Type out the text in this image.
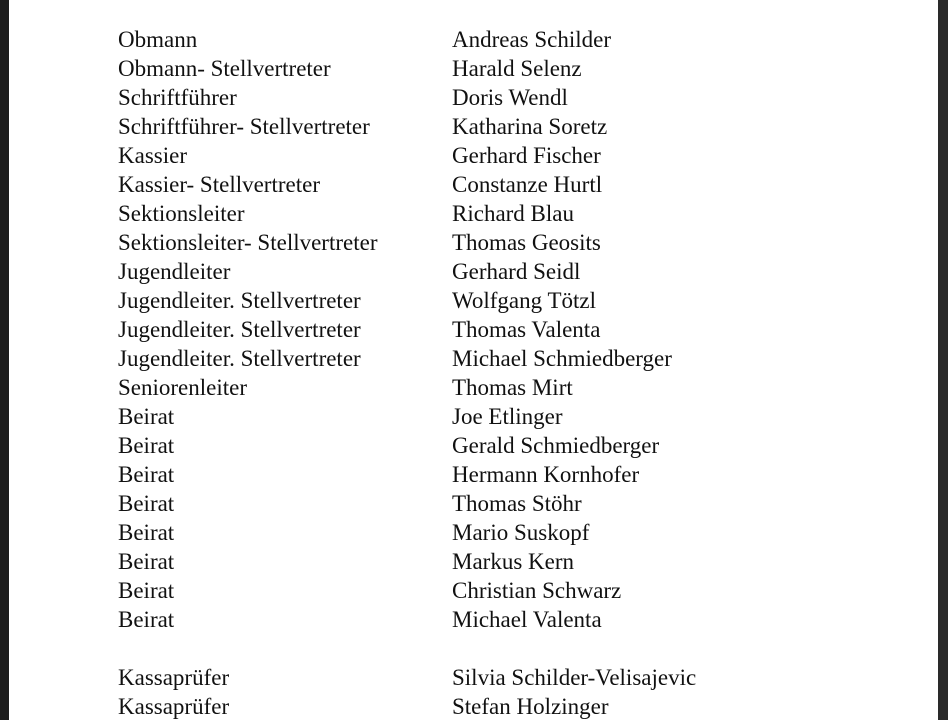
Obmann	Andreas Schilder
Obmann- Stellvertreter	Harald Selenz
Schriftführer	Doris Wendl
Schriftführer- Stellvertreter	Katharina Soretz
Kassier	Gerhard Fischer
Kassier- Stellvertreter	Constanze Hurtl
Sektionsleiter	Richard Blau
Sektionsleiter- Stellvertreter	Thomas Geosits
Jugendleiter	Gerhard Seidl
Jugendleiter. Stellvertreter	Wolfgang Tötzl
Jugendleiter. Stellvertreter	Thomas Valenta
Jugendleiter. Stellvertreter	Michael Schmiedberger
Seniorenleiter	Thomas Mirt
Beirat	Joe Etlinger
Beirat	Gerald Schmiedberger
Beirat	Hermann Kornhofer
Beirat	Thomas Stöhr
Beirat	Mario Suskopf
Beirat	Markus Kern
Beirat	Christian Schwarz
Beirat	Michael Valenta
Kassaprüfer	Silvia Schilder-Velisajevic
Kassaprüfer	Stefan Holzinger
